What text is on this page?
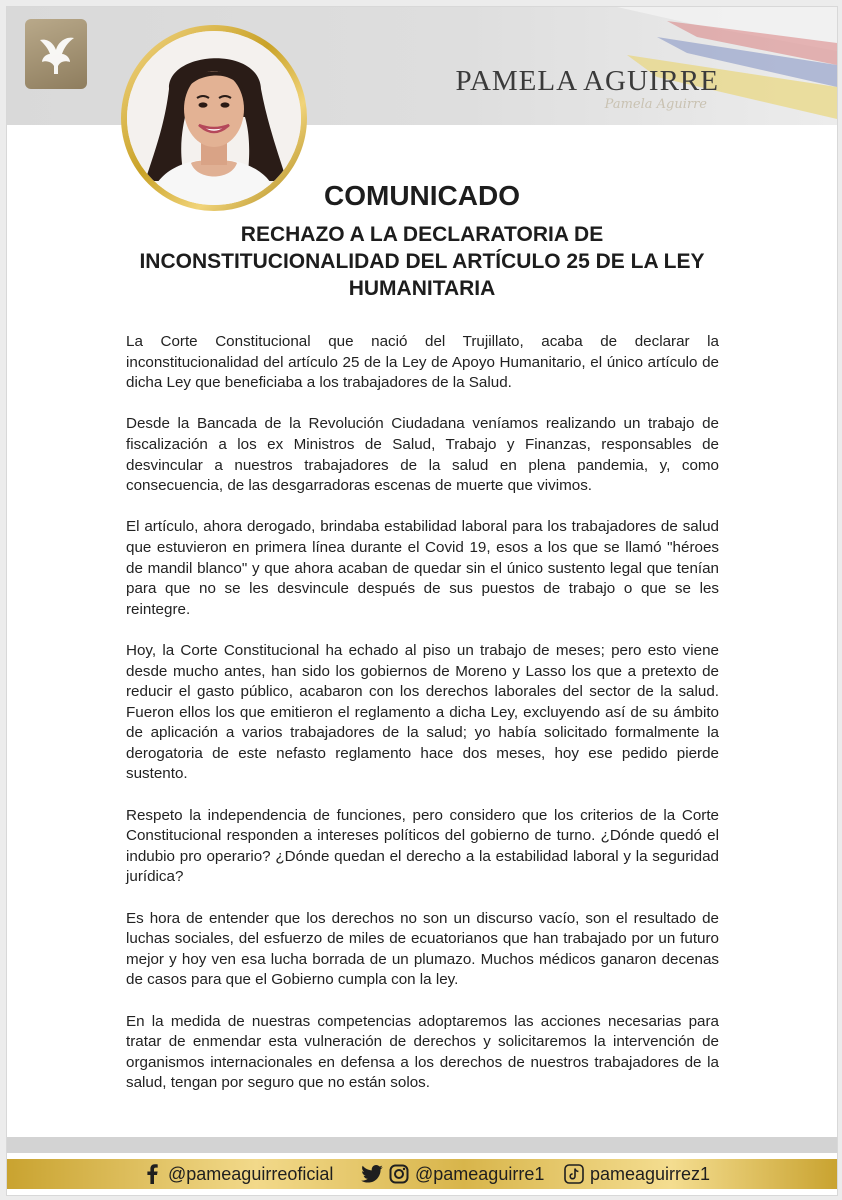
PAMELA AGUIRRE
Pamela Aguirre
COMUNICADO
RECHAZO A LA DECLARATORIA DE
INCONSTITUCIONALIDAD DEL ARTÍCULO 25 DE LA LEY
HUMANITARIA

La Corte Constitucional que nació del Trujillato, acaba de declarar la inconstitucionalidad del artículo 25 de la Ley de Apoyo Humanitario, el único artículo de dicha Ley que beneficiaba a los trabajadores de la Salud.

Desde la Bancada de la Revolución Ciudadana veníamos realizando un trabajo de fiscalización a los ex Ministros de Salud, Trabajo y Finanzas, responsables de desvincular a nuestros trabajadores de la salud en plena pandemia, y, como consecuencia, de las desgarradoras escenas de muerte que vivimos.

El artículo, ahora derogado, brindaba estabilidad laboral para los trabajadores de salud que estuvieron en primera línea durante el Covid 19, esos a los que se llamó "héroes de mandil blanco" y que ahora acaban de quedar sin el único sustento legal que tenían para que no se les desvincule después de sus puestos de trabajo o que se les reintegre.

Hoy, la Corte Constitucional ha echado al piso un trabajo de meses; pero esto viene desde mucho antes, han sido los gobiernos de Moreno y Lasso los que a pretexto de reducir el gasto público, acabaron con los derechos laborales del sector de la salud. Fueron ellos los que emitieron el reglamento a dicha Ley, excluyendo así de su ámbito de aplicación a varios trabajadores de la salud; yo había solicitado formalmente la derogatoria de este nefasto reglamento hace dos meses, hoy ese pedido pierde sustento.

Respeto la independencia de funciones, pero considero que los criterios de la Corte Constitucional responden a intereses políticos del gobierno de turno. ¿Dónde quedó el indubio pro operario? ¿Dónde quedan el derecho a la estabilidad laboral y la seguridad jurídica?

Es hora de entender que los derechos no son un discurso vacío, son el resultado de luchas sociales, del esfuerzo de miles de ecuatorianos que han trabajado por un futuro mejor y hoy ven esa lucha borrada de un plumazo. Muchos médicos ganaron decenas de casos para que el Gobierno cumpla con la ley.

En la medida de nuestras competencias adoptaremos las acciones necesarias para tratar de enmendar esta vulneración de derechos y solicitaremos la intervención de organismos internacionales en defensa a los derechos de nuestros trabajadores de la salud, tengan por seguro que no están solos.

@pameaguirreoficial	@pameaguirre1	pameaguirrez1
